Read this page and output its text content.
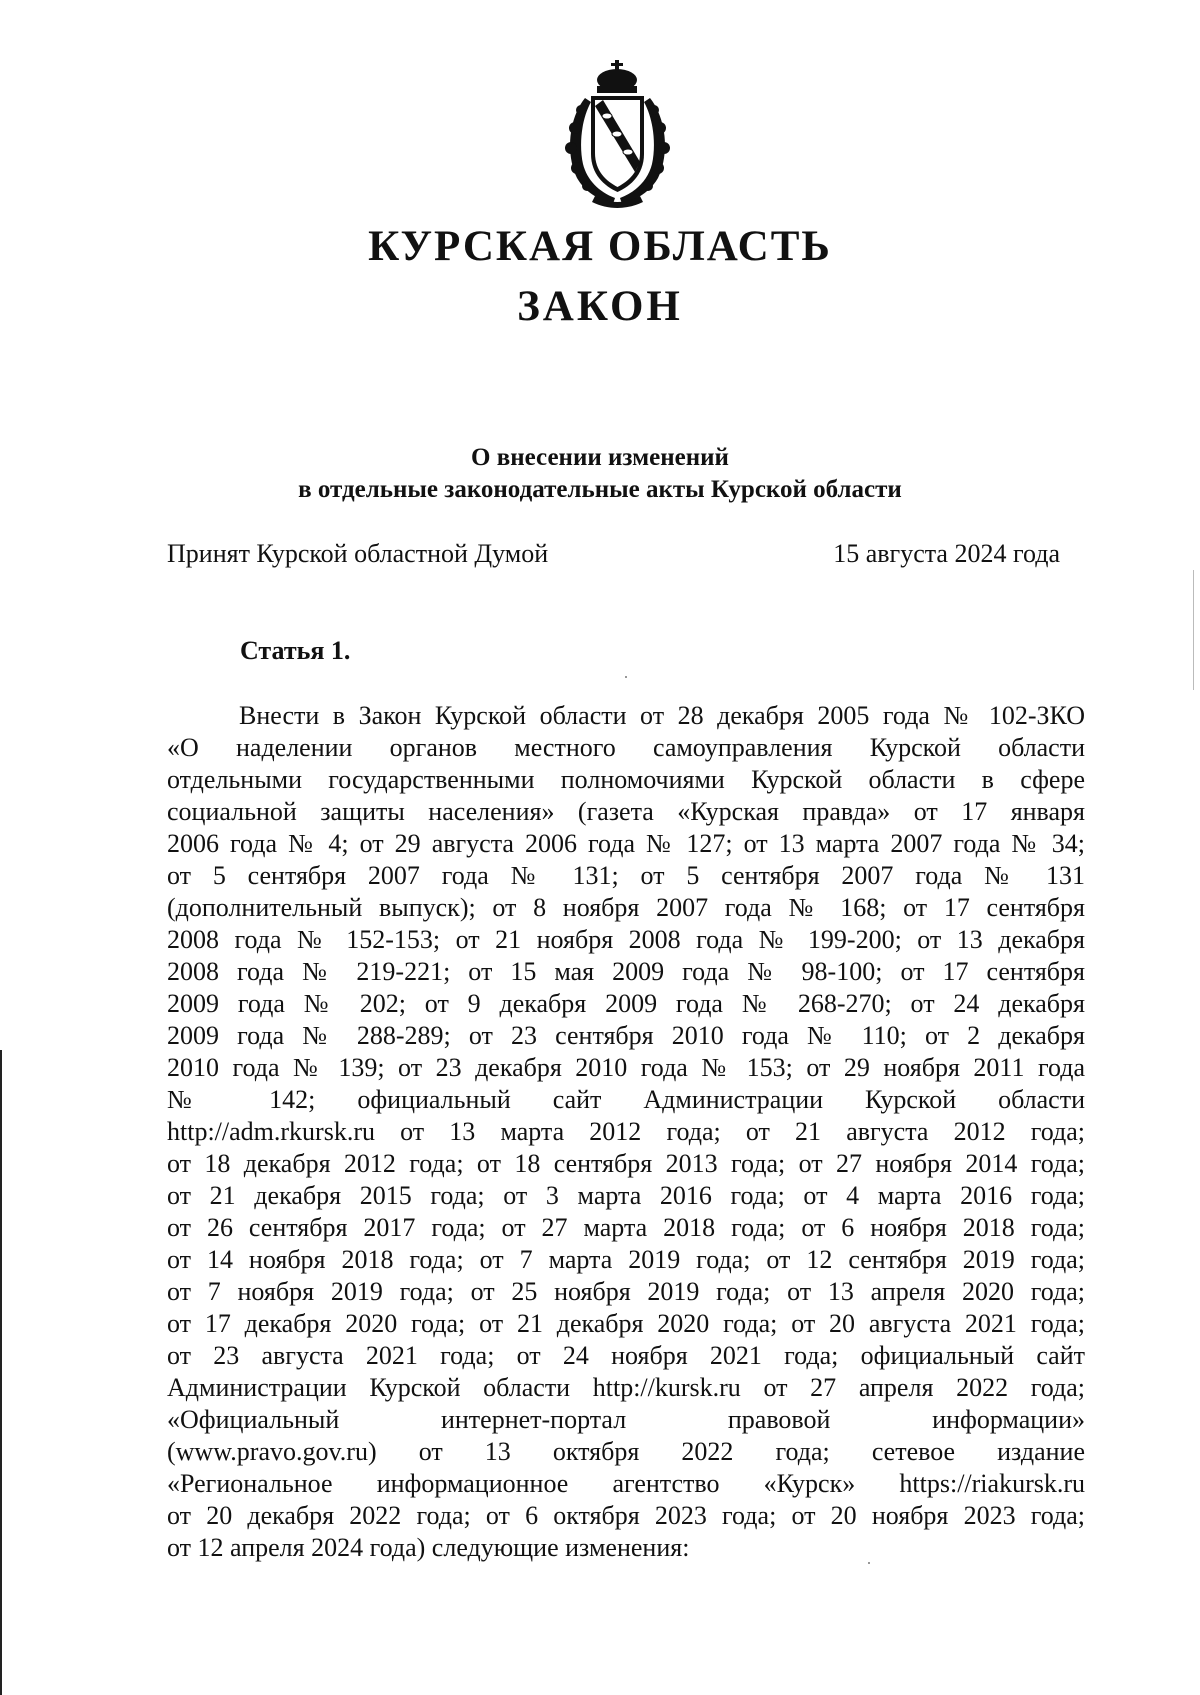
КУРСКАЯ ОБЛАСТЬ
ЗАКОН
О внесении изменений
в отдельные законодательные акты Курской области
Принят Курской областной Думой	15 августа 2024 года
Статья 1.
Внести в Закон Курской области от 28 декабря 2005 года № 102-ЗКО
«О наделении органов местного самоуправления Курской области
отдельными государственными полномочиями Курской области в сфере
социальной защиты населения» (газета «Курская правда» от 17 января
2006 года № 4; от 29 августа 2006 года № 127; от 13 марта 2007 года № 34;
от 5 сентября 2007 года № 131; от 5 сентября 2007 года № 131
(дополнительный выпуск); от 8 ноября 2007 года № 168; от 17 сентября
2008 года № 152-153; от 21 ноября 2008 года № 199-200; от 13 декабря
2008 года № 219-221; от 15 мая 2009 года № 98-100; от 17 сентября
2009 года № 202; от 9 декабря 2009 года № 268-270; от 24 декабря
2009 года № 288-289; от 23 сентября 2010 года № 110; от 2 декабря
2010 года № 139; от 23 декабря 2010 года № 153; от 29 ноября 2011 года
№ 142; официальный сайт Администрации Курской области
http://adm.rkursk.ru от 13 марта 2012 года; от 21 августа 2012 года;
от 18 декабря 2012 года; от 18 сентября 2013 года; от 27 ноября 2014 года;
от 21 декабря 2015 года; от 3 марта 2016 года; от 4 марта 2016 года;
от 26 сентября 2017 года; от 27 марта 2018 года; от 6 ноября 2018 года;
от 14 ноября 2018 года; от 7 марта 2019 года; от 12 сентября 2019 года;
от 7 ноября 2019 года; от 25 ноября 2019 года; от 13 апреля 2020 года;
от 17 декабря 2020 года; от 21 декабря 2020 года; от 20 августа 2021 года;
от 23 августа 2021 года; от 24 ноября 2021 года; официальный сайт
Администрации Курской области http://kursk.ru от 27 апреля 2022 года;
«Официальный интернет-портал правовой информации»
(www.pravo.gov.ru) от 13 октября 2022 года; сетевое издание
«Региональное информационное агентство «Курск» https://riakursk.ru
от 20 декабря 2022 года; от 6 октября 2023 года; от 20 ноября 2023 года;
от 12 апреля 2024 года) следующие изменения:
